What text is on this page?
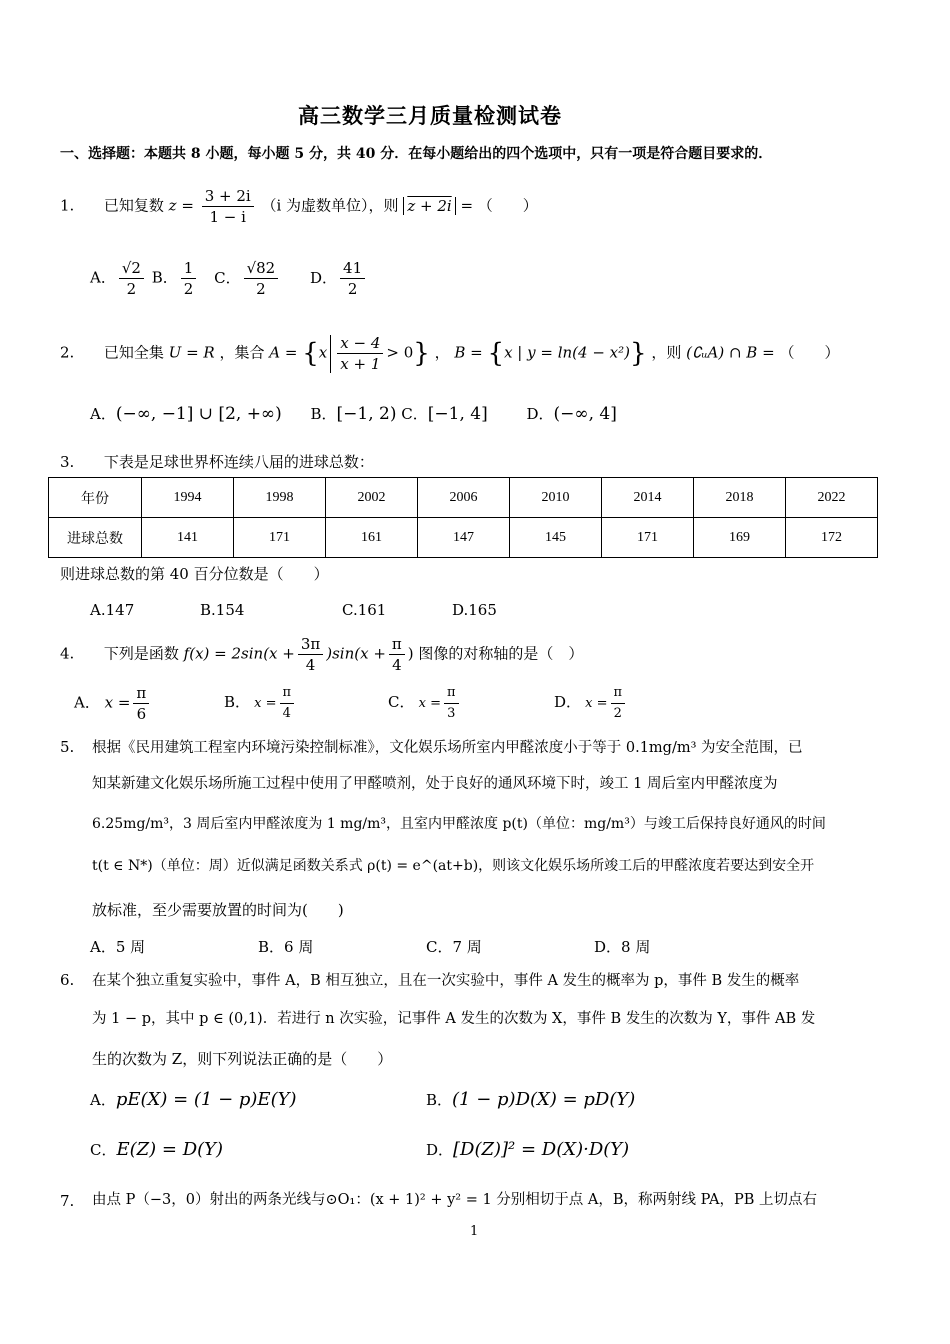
高三数学三月质量检测试卷
一、选择题：本题共 8 小题，每小题 5 分，共 40 分．在每小题给出的四个选项中，只有一项是符合题目要求的．
1. 已知复数 $z = \frac{3 + 2i}{1 - i} (i$ 为虚数单位），则 z + 2i = （　　）
A． $\frac{√2}{2}$ B． $\frac{1}{2}$ C． $\frac{√82}{2}$ D． $\frac{41}{2}$
2. 已知全集 U = R ，集合 $A = \{x \frac{x - 4}{x + 1} > 0\}$ ， B = {x | y = ln(4 − x²)} ，则 (∁ᵤA) ∩ B = （　　）
A．(−∞, −1] ∪ [2, +∞) B．[−1, 2) C．[−1, 4]	D．(−∞, 4]
3. 下表是足球世界杯连续八届的进球总数：
年份	1994	1998	2002	2006	2010	2014	2018	2022
进球总数	141	171	161	147	145	171	169	172
则进球总数的第 40 百分位数是（　　）
A.147	B.154	C.161	D.165
4. 下列是函数 $f(x) = 2\sin(x + \frac{3\pi}{4} )\sin(x + \frac{\pi}{4}$ ) 图像的对称轴的是（　）
A． $x = \frac{\pi}{6}$	B． $x = \frac{\pi}{4}$	C． $x = \frac{\pi}{3}$	D． $x = \frac{\pi}{2}$
5. 根据《民用建筑工程室内环境污染控制标准》，文化娱乐场所室内甲醛浓度小于等于 0.1mg/m³ 为安全范围，已
知某新建文化娱乐场所施工过程中使用了甲醛喷剂，处于良好的通风环境下时，竣工 1 周后室内甲醛浓度为
6.25mg/m³，3 周后室内甲醛浓度为 1 mg/m³，且室内甲醛浓度 p(t)（单位：mg/m³）与竣工后保持良好通风的时间
t(t ∈ N*)（单位：周）近似满足函数关系式 ρ(t) = e^(at+b)，则该文化娱乐场所竣工后的甲醛浓度若要达到安全开
放标准，至少需要放置的时间为(　　)
A．5 周	B．6 周	C．7 周	D．8 周
6. 在某个独立重复实验中，事件 A，B 相互独立，且在一次实验中，事件 A 发生的概率为 p，事件 B 发生的概率
为 1 − p，其中 p ∈ (0,1)．若进行 n 次实验，记事件 A 发生的次数为 X，事件 B 发生的次数为 Y，事件 AB 发
生的次数为 Z，则下列说法正确的是（　　）
A．pE(X) = (1 − p)E(Y)	B．(1 − p)D(X) = pD(Y)
C．E(Z) = D(Y)	D．[D(Z)]² = D(X)·D(Y)
7. 由点 P（−3，0）射出的两条光线与⊙O₁：(x + 1)² + y² = 1 分别相切于点 A，B，称两射线 PA，PB 上切点右
1
